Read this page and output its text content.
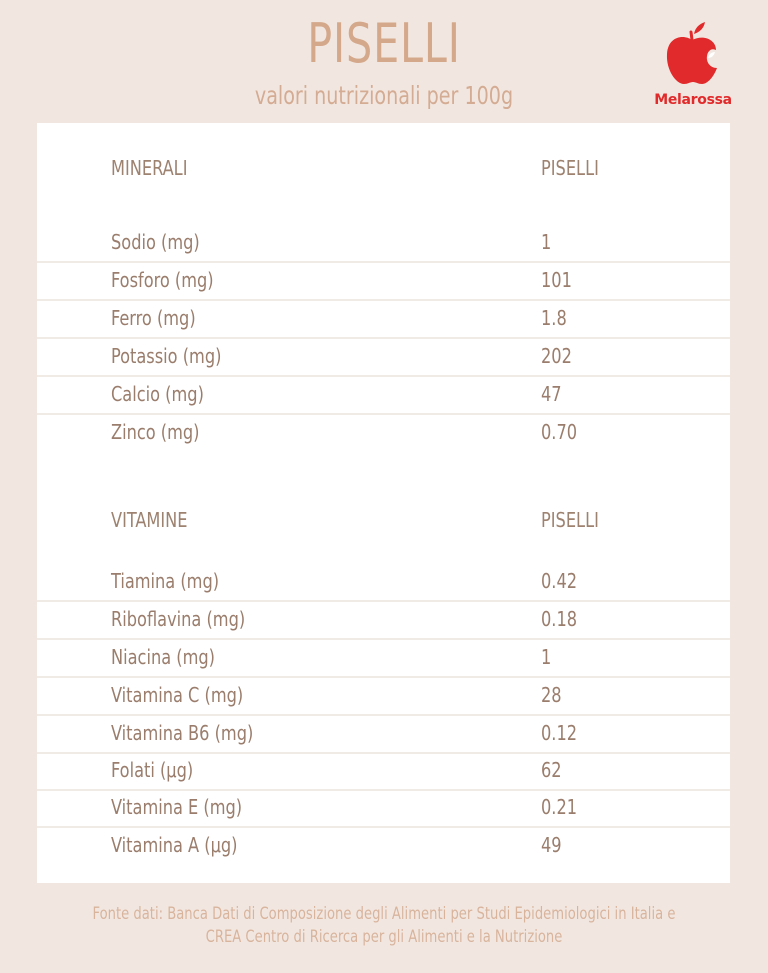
PISELLI
valori nutrizionali per 100g	Melarossa
MINERALI	PISELLI
Sodio (mg)	1
Fosforo (mg)	101
Ferro (mg)	1.8
Potassio (mg)	202
Calcio (mg)	47
Zinco (mg)	0.70
VITAMINE	PISELLI
Tiamina (mg)	0.42
Riboflavina (mg)	0.18
Niacina (mg)	1
Vitamina C (mg)	28
Vitamina B6 (mg)	0.12
Folati (μg)	62
Vitamina E (mg)	0.21
Vitamina A (μg)	49
Fonte dati: Banca Dati di Composizione degli Alimenti per Studi Epidemiologici in Italia e
CREA Centro di Ricerca per gli Alimenti e la Nutrizione
